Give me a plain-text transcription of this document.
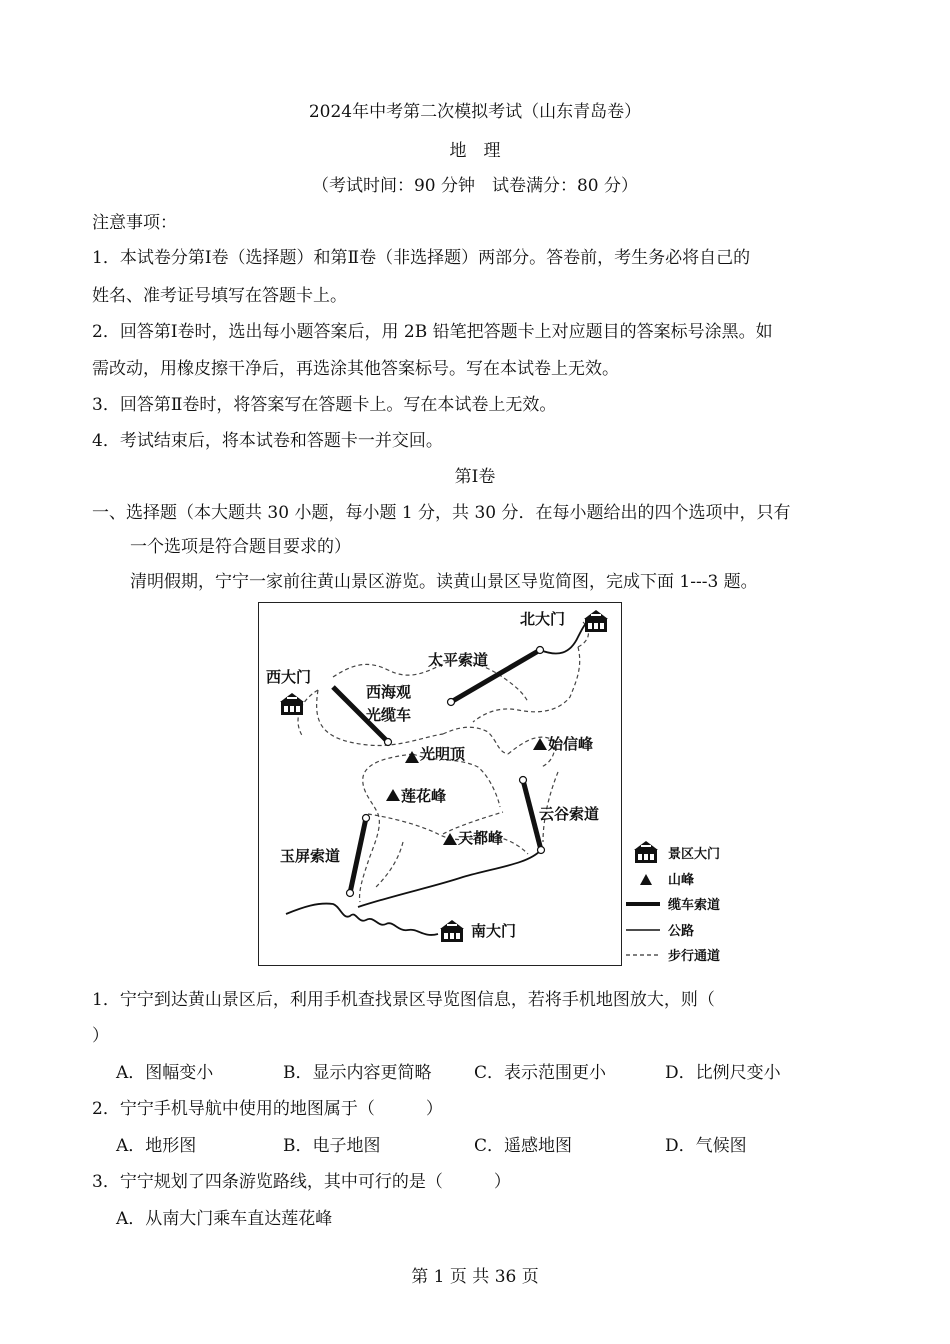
2024年中考第二次模拟考试（山东青岛卷）
地　理
（考试时间：90 分钟　试卷满分：80 分）
注意事项：
1．本试卷分第Ⅰ卷（选择题）和第Ⅱ卷（非选择题）两部分。答卷前，考生务必将自己的
姓名、准考证号填写在答题卡上。
2．回答第Ⅰ卷时，选出每小题答案后，用 2B 铅笔把答题卡上对应题目的答案标号涂黑。如
需改动，用橡皮擦干净后，再选涂其他答案标号。写在本试卷上无效。
3．回答第Ⅱ卷时，将答案写在答题卡上。写在本试卷上无效。
4．考试结束后，将本试卷和答题卡一并交回。
第Ⅰ卷
一、选择题（本大题共 30 小题，每小题 1 分，共 30 分．在每小题给出的四个选项中，只有
一个选项是符合题目要求的）
清明假期，宁宁一家前往黄山景区游览。读黄山景区导览简图，完成下面 1---3 题。
北大门
太平索道
西大门
西海观
光缆车
光明顶
始信峰
莲花峰
云谷索道
天都峰
玉屏索道
南大门
景区大门
山峰
缆车索道
公路
步行通道
1．宁宁到达黄山景区后，利用手机查找景区导览图信息，若将手机地图放大，则（
）
A．图幅变小	B．显示内容更简略	C．表示范围更小	D．比例尺变小
2．宁宁手机导航中使用的地图属于（　　　）
A．地形图	B．电子地图	C．遥感地图	D．气候图
3．宁宁规划了四条游览路线，其中可行的是（　　　）
A．从南大门乘车直达莲花峰
第 1 页 共 36 页
